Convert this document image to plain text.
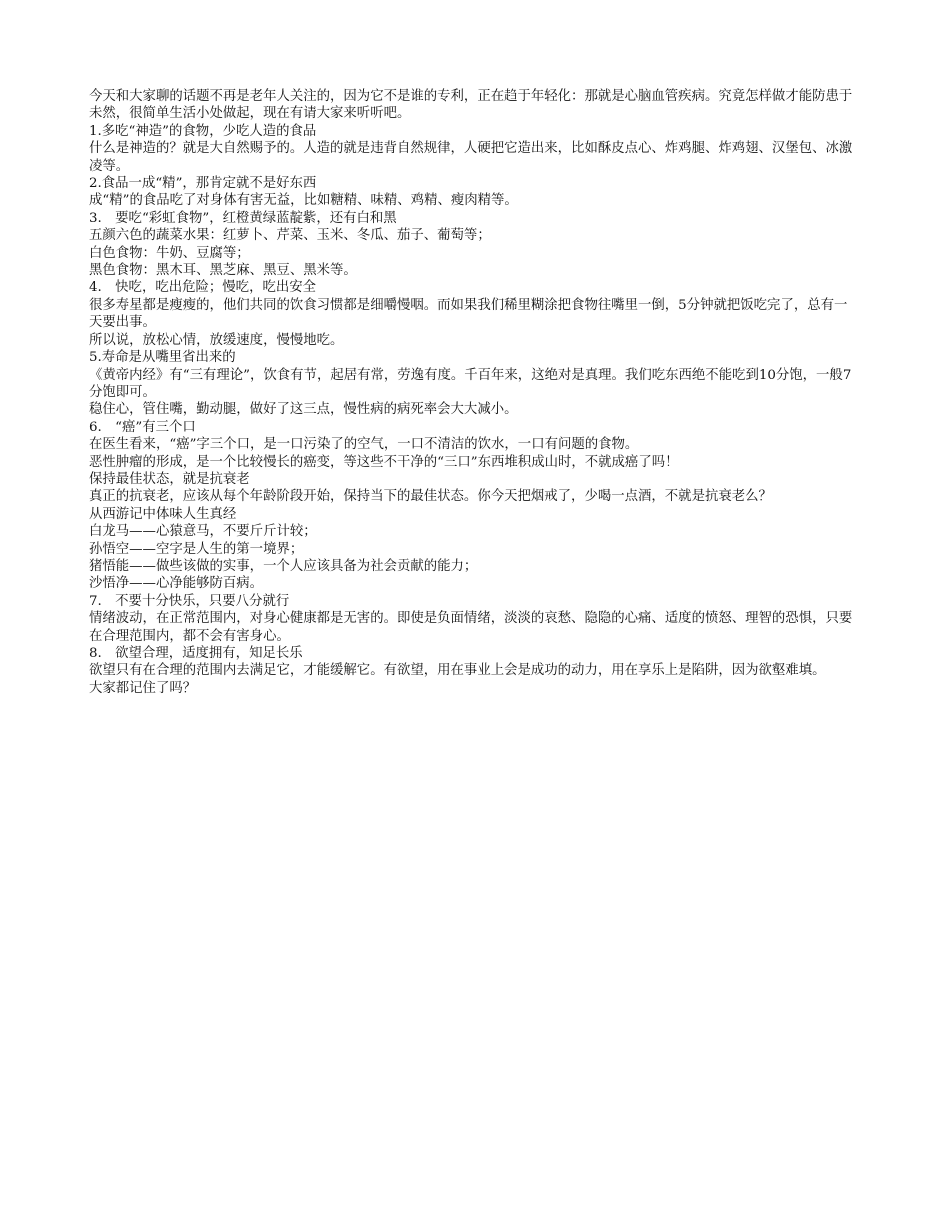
今天和大家聊的话题不再是老年人关注的，因为它不是谁的专利，正在趋于年轻化：那就是心脑血管疾病。究竟怎样做才能防患于未然，很简单生活小处做起，现在有请大家来听听吧。

1.多吃“神造”的食物，少吃人造的食品

什么是神造的？就是大自然赐予的。人造的就是违背自然规律，人硬把它造出来，比如酥皮点心、炸鸡腿、炸鸡翅、汉堡包、冰激凌等。

2.食品一成“精”，那肯定就不是好东西

成“精”的食品吃了对身体有害无益，比如糖精、味精、鸡精、瘦肉精等。

3.　要吃“彩虹食物”，红橙黄绿蓝靛紫，还有白和黑

五颜六色的蔬菜水果：红萝卜、芹菜、玉米、冬瓜、茄子、葡萄等；

白色食物：牛奶、豆腐等；

黑色食物：黑木耳、黑芝麻、黑豆、黑米等。

4.　快吃，吃出危险；慢吃，吃出安全

很多寿星都是瘦瘦的，他们共同的饮食习惯都是细嚼慢咽。而如果我们稀里糊涂把食物往嘴里一倒，5分钟就把饭吃完了，总有一天要出事。

所以说，放松心情，放缓速度，慢慢地吃。

5.寿命是从嘴里省出来的

《黄帝内经》有“三有理论”，饮食有节，起居有常，劳逸有度。千百年来，这绝对是真理。我们吃东西绝不能吃到10分饱，一般7分饱即可。

稳住心，管住嘴，勤动腿，做好了这三点，慢性病的病死率会大大减小。

6.　“癌”有三个口

在医生看来，“癌”字三个口，是一口污染了的空气，一口不清洁的饮水，一口有问题的食物。

恶性肿瘤的形成，是一个比较慢长的癌变，等这些不干净的“三口”东西堆积成山时，不就成癌了吗！

保持最佳状态，就是抗衰老

真正的抗衰老，应该从每个年龄阶段开始，保持当下的最佳状态。你今天把烟戒了，少喝一点酒，不就是抗衰老么？

从西游记中体味人生真经

白龙马——心猿意马，不要斤斤计较；

孙悟空——空字是人生的第一境界；

猪悟能——做些该做的实事，一个人应该具备为社会贡献的能力；

沙悟净——心净能够防百病。

7.　不要十分快乐，只要八分就行

情绪波动，在正常范围内，对身心健康都是无害的。即使是负面情绪，淡淡的哀愁、隐隐的心痛、适度的愤怒、理智的恐惧，只要在合理范围内，都不会有害身心。

8.　欲望合理，适度拥有，知足长乐

欲望只有在合理的范围内去满足它，才能缓解它。有欲望，用在事业上会是成功的动力，用在享乐上是陷阱，因为欲壑难填。

大家都记住了吗？
